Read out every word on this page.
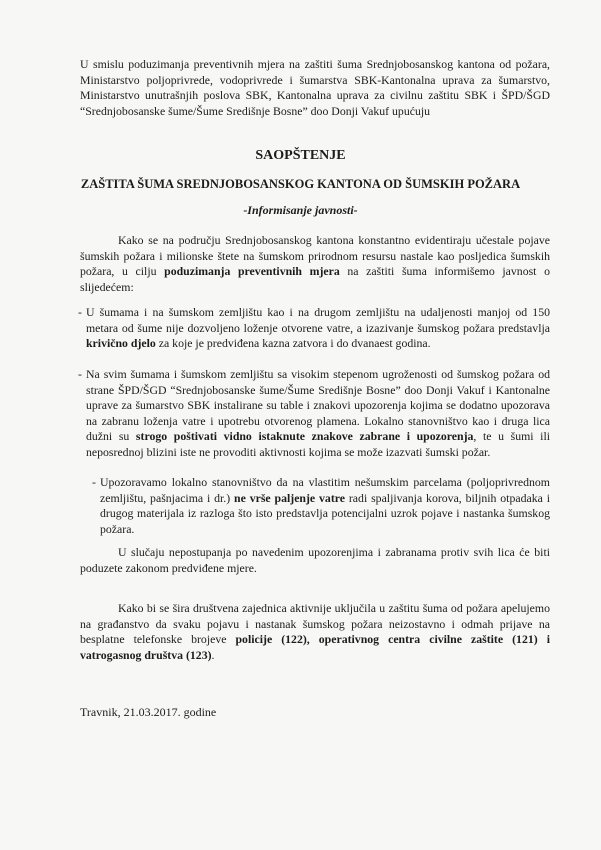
U smislu poduzimanja preventivnih mjera na zaštiti šuma Srednjobosanskog kantona od požara, Ministarstvo poljoprivrede, vodoprivrede i šumarstva SBK-Kantonalna uprava za šumarstvo, Ministarstvo unutrašnjih poslova SBK, Kantonalna uprava za civilnu zaštitu SBK i ŠPD/ŠGD “Srednjobosanske šume/Šume Središnje Bosne” doo Donji Vakuf upućuju
SAOPŠTENJE
ZAŠTITA ŠUMA SREDNJOBOSANSKOG KANTONA OD ŠUMSKIH POŽARA
-Informisanje javnosti-
Kako se na području Srednjobosanskog kantona konstantno evidentiraju učestale pojave šumskih požara i milionske štete na šumskom prirodnom resursu nastale kao posljedica šumskih požara, u cilju poduzimanja preventivnih mjera na zaštiti šuma informišemo javnost o slijedećem:
- U šumama i na šumskom zemljištu kao i na drugom zemljištu na udaljenosti manjoj od 150 metara od šume nije dozvoljeno loženje otvorene vatre, a izazivanje šumskog požara predstavlja krivično djelo za koje je predviđena kazna zatvora i do dvanaest godina.
- Na svim šumama i šumskom zemljištu sa visokim stepenom ugroženosti od šumskog požara od strane ŠPD/ŠGD “Srednjobosanske šume/Šume Središnje Bosne” doo Donji Vakuf i Kantonalne uprave za šumarstvo SBK instalirane su table i znakovi upozorenja kojima se dodatno upozorava na zabranu loženja vatre i upotrebu otvorenog plamena. Lokalno stanovništvo kao i druga lica dužni su strogo poštivati vidno istaknute znakove zabrane i upozorenja, te u šumi ili neposrednoj blizini iste ne provoditi aktivnosti kojima se može izazvati šumski požar.
- Upozoravamo lokalno stanovništvo da na vlastitim nešumskim parcelama (poljoprivrednom zemljištu, pašnjacima i dr.) ne vrše paljenje vatre radi spaljivanja korova, biljnih otpadaka i drugog materijala iz razloga što isto predstavlja potencijalni uzrok pojave i nastanka šumskog požara.
U slučaju nepostupanja po navedenim upozorenjima i zabranama protiv svih lica će biti poduzete zakonom predviđene mjere.
Kako bi se šira društvena zajednica aktivnije uključila u zaštitu šuma od požara apelujemo na građanstvo da svaku pojavu i nastanak šumskog požara neizostavno i odmah prijave na besplatne telefonske brojeve policije (122), operativnog centra civilne zaštite (121) i vatrogasnog društva (123).
Travnik, 21.03.2017. godine
